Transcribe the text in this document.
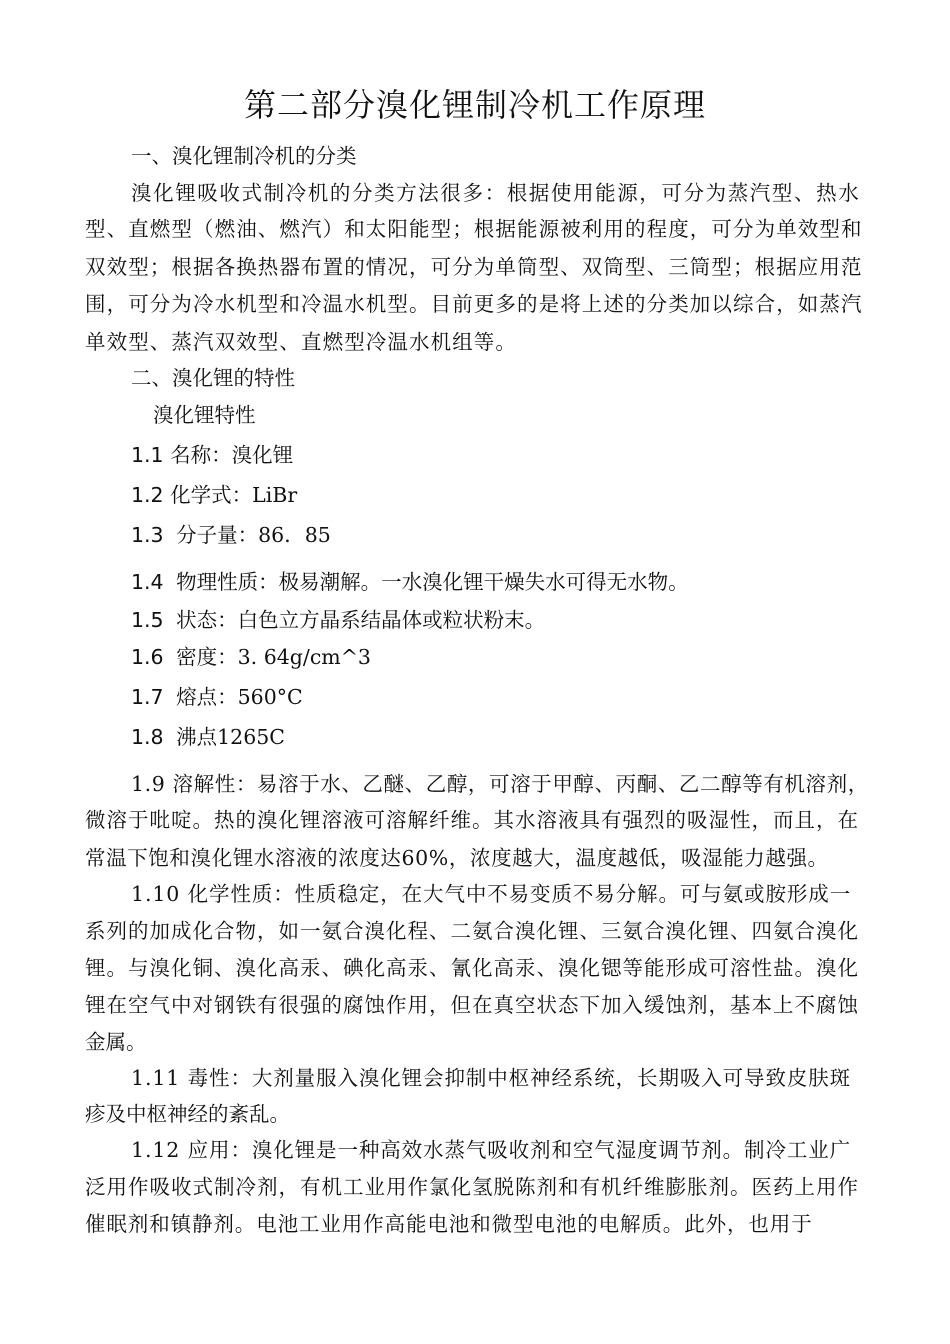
第二部分溴化锂制冷机工作原理

一、溴化锂制冷机的分类

溴化锂吸收式制冷机的分类方法很多：根据使用能源，可分为蒸汽型、热水

型、直燃型（燃油、燃汽）和太阳能型；根据能源被利用的程度，可分为单效型和

双效型；根据各换热器布置的情况，可分为单筒型、双筒型、三筒型；根据应用范

围，可分为冷水机型和冷温水机型。目前更多的是将上述的分类加以综合，如蒸汽

单效型、蒸汽双效型、直燃型冷温水机组等。

二、溴化锂的特性

溴化锂特性

1.1 名称：溴化锂

1.2 化学式：LiBr

1.3 分子量：86．85

1.4 物理性质：极易潮解。一水溴化锂干燥失水可得无水物。

1.5 状态：白色立方晶系结晶体或粒状粉末。

1.6 密度：3. 64g/cm^3

1.7 熔点：560°C

1.8 沸点1265C

1.9 溶解性：易溶于水、乙醚、乙醇，可溶于甲醇、丙酮、乙二醇等有机溶剂，

微溶于吡啶。热的溴化锂溶液可溶解纤维。其水溶液具有强烈的吸湿性，而且，在

常温下饱和溴化锂水溶液的浓度达60%，浓度越大，温度越低，吸湿能力越强。

1.10 化学性质：性质稳定，在大气中不易变质不易分解。可与氨或胺形成一

系列的加成化合物，如一氨合溴化程、二氨合溴化锂、三氨合溴化锂、四氨合溴化

锂。与溴化铜、溴化高汞、碘化高汞、氰化高汞、溴化锶等能形成可溶性盐。溴化

锂在空气中对钢铁有很强的腐蚀作用，但在真空状态下加入缓蚀剂，基本上不腐蚀

金属。

1.11 毒性：大剂量服入溴化锂会抑制中枢神经系统，长期吸入可导致皮肤斑

疹及中枢神经的紊乱。

1.12 应用：溴化锂是一种高效水蒸气吸收剂和空气湿度调节剂。制冷工业广

泛用作吸收式制冷剂，有机工业用作氯化氢脱陈剂和有机纤维膨胀剂。医药上用作

催眠剂和镇静剂。电池工业用作高能电池和微型电池的电解质。此外，也用于
